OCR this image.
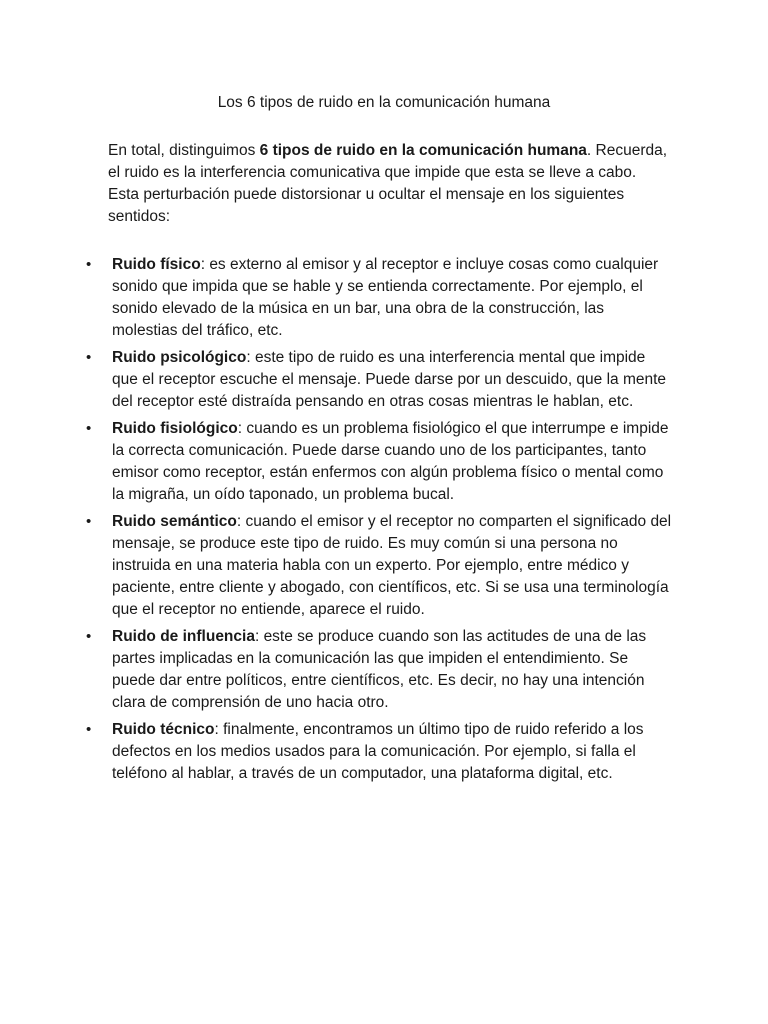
Los 6 tipos de ruido en la comunicación humana

En total, distinguimos 6 tipos de ruido en la comunicación humana. Recuerda, el ruido es la interferencia comunicativa que impide que esta se lleve a cabo. Esta perturbación puede distorsionar u ocultar el mensaje en los siguientes sentidos:

• Ruido físico: es externo al emisor y al receptor e incluye cosas como cualquier sonido que impida que se hable y se entienda correctamente. Por ejemplo, el sonido elevado de la música en un bar, una obra de la construcción, las molestias del tráfico, etc.
• Ruido psicológico: este tipo de ruido es una interferencia mental que impide que el receptor escuche el mensaje. Puede darse por un descuido, que la mente del receptor esté distraída pensando en otras cosas mientras le hablan, etc.
• Ruido fisiológico: cuando es un problema fisiológico el que interrumpe e impide la correcta comunicación. Puede darse cuando uno de los participantes, tanto emisor como receptor, están enfermos con algún problema físico o mental como la migraña, un oído taponado, un problema bucal.
• Ruido semántico: cuando el emisor y el receptor no comparten el significado del mensaje, se produce este tipo de ruido. Es muy común si una persona no instruida en una materia habla con un experto. Por ejemplo, entre médico y paciente, entre cliente y abogado, con científicos, etc. Si se usa una terminología que el receptor no entiende, aparece el ruido.
• Ruido de influencia: este se produce cuando son las actitudes de una de las partes implicadas en la comunicación las que impiden el entendimiento. Se puede dar entre políticos, entre científicos, etc. Es decir, no hay una intención clara de comprensión de uno hacia otro.
• Ruido técnico: finalmente, encontramos un último tipo de ruido referido a los defectos en los medios usados para la comunicación. Por ejemplo, si falla el teléfono al hablar, a través de un computador, una plataforma digital, etc.
